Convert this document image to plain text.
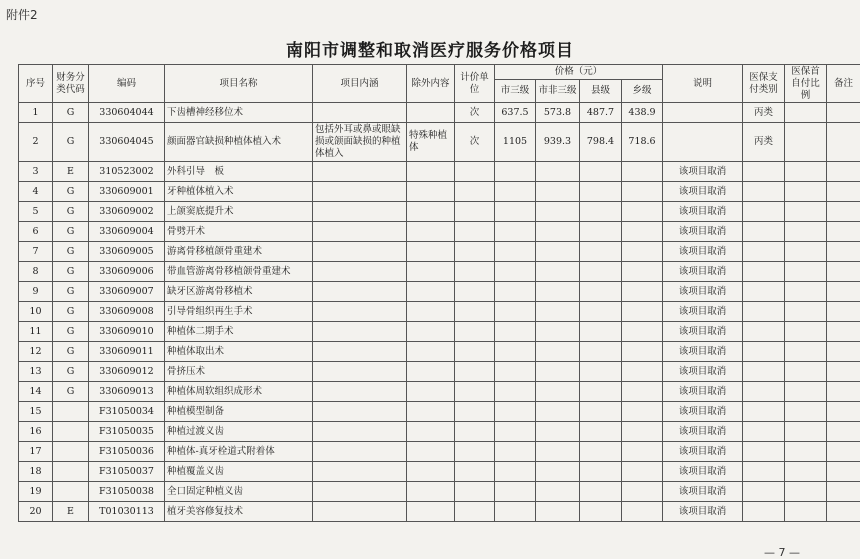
附件2
南阳市调整和取消医疗服务价格项目
序号	财务分类代码	编码	项目名称	项目内涵	除外内容	计价单位	价格（元）				说明	医保支付类别	医保首自付比例	备注
							市三级	市非三级	县级	乡级				
1	G	330604044	下齿槽神经移位术			次	637.5	573.8	487.7	438.9		丙类		
2	G	330604045	颜面器官缺损种植体植入术	包括外耳或鼻或眼缺损或颌面缺损的种植体植入	特殊种植体	次	1105	939.3	798.4	718.6		丙类		
3	E	310523002	外科引导　板								该项目取消			
4	G	330609001	牙种植体植入术								该项目取消			
5	G	330609002	上颌窦底提升术								该项目取消			
6	G	330609004	骨劈开术								该项目取消			
7	G	330609005	游离骨移植颌骨重建术								该项目取消			
8	G	330609006	带血管游离骨移植颌骨重建术								该项目取消			
9	G	330609007	缺牙区游离骨移植术								该项目取消			
10	G	330609008	引导骨组织再生手术								该项目取消			
11	G	330609010	种植体二期手术								该项目取消			
12	G	330609011	种植体取出术								该项目取消			
13	G	330609012	骨挤压术								该项目取消			
14	G	330609013	种植体周软组织成形术								该项目取消			
15		F31050034	种植模型制备								该项目取消			
16		F31050035	种植过渡义齿								该项目取消			
17		F31050036	种植体-真牙栓道式附着体								该项目取消			
18		F31050037	种植覆盖义齿								该项目取消			
19		F31050038	全口固定种植义齿								该项目取消			
20	E	T01030113	植牙美容修复技术								该项目取消			
— 7 —
